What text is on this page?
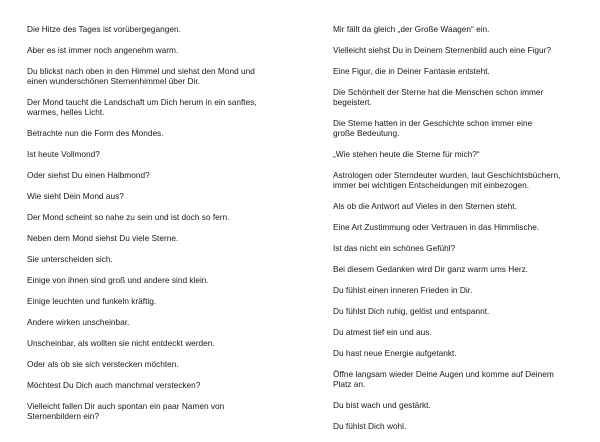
Die Hitze des Tages ist vorübergegangen.

Aber es ist immer noch angenehm warm.

Du blickst nach oben in den Himmel und siehst den Mond und
einen wunderschönen Sternenhimmel über Dir.

Der Mond taucht die Landschaft um Dich herum in ein sanftes,
warmes, helles Licht.

Betrachte nun die Form des Mondes.

Ist heute Vollmond?

Oder siehst Du einen Halbmond?

Wie sieht Dein Mond aus?

Der Mond scheint so nahe zu sein und ist doch so fern.

Neben dem Mond siehst Du viele Sterne.

Sie unterscheiden sich.

Einige von ihnen sind groß und andere sind klein.

Einige leuchten und funkeln kräftig.

Andere wirken unscheinbar.

Unscheinbar, als wollten sie nicht entdeckt werden.

Oder als ob sie sich verstecken möchten.

Möchtest Du Dich auch manchmal verstecken?

Vielleicht fallen Dir auch spontan ein paar Namen von
Sternenbildern ein?

Mir fällt da gleich „der Große Waagen“ ein.

Vielleicht siehst Du in Deinem Sternenbild auch eine Figur?

Eine Figur, die in Deiner Fantasie entsteht.

Die Schönheit der Sterne hat die Menschen schon immer
begeistert.

Die Sterne hatten in der Geschichte schon immer eine
große Bedeutung.

„Wie stehen heute die Sterne für mich?“

Astrologen oder Sterndeuter wurden, laut Geschichtsbüchern,
immer bei wichtigen Entscheidungen mit einbezogen.

Als ob die Antwort auf Vieles in den Sternen steht.

Eine Art Zustimmung oder Vertrauen in das Himmlische.

Ist das nicht ein schönes Gefühl?

Bei diesem Gedanken wird Dir ganz warm ums Herz.

Du fühlst einen inneren Frieden in Dir.

Du fühlst Dich ruhig, gelöst und entspannt.

Du atmest tief ein und aus.

Du hast neue Energie aufgetankt.

Öffne langsam wieder Deine Augen und komme auf Deinem
Platz an.

Du bist wach und gestärkt.

Du fühlst Dich wohl.
